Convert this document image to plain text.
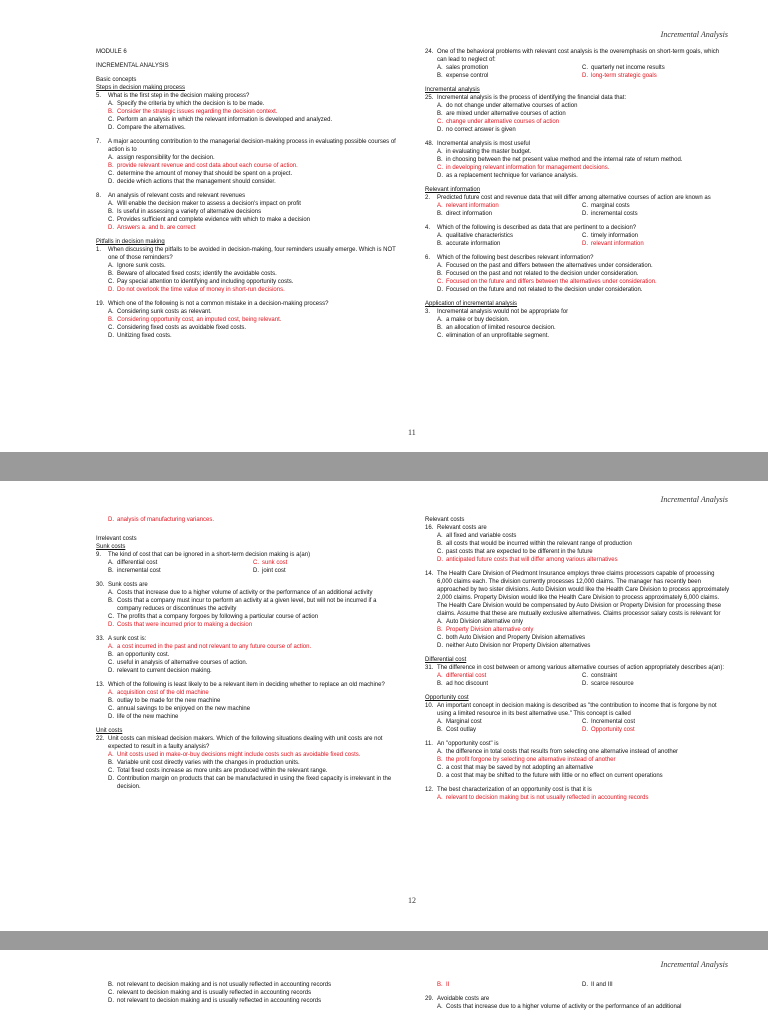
Incremental Analysis
MODULE 6
INCREMENTAL ANALYSIS
Basic concepts
Steps in decision making process
5.	What is the first step in the decision making process?
A. Specify the criteria by which the decision is to be made.
B. Consider the strategic issues regarding the decision context.
C. Perform an analysis in which the relevant information is developed and analyzed.
D. Compare the alternatives.
7.	A major accounting contribution to the managerial decision-making process in evaluating possible courses of action is to
A. assign responsibility for the decision.
B. provide relevant revenue and cost data about each course of action.
C. determine the amount of money that should be spent on a project.
D. decide which actions that the management should consider.
8.	An analysis of relevant costs and relevant revenues
A. Will enable the decision maker to assess a decision's impact on profit
B. Is useful in assessing a variety of alternative decisions
C. Provides sufficient and complete evidence with which to make a decision
D. Answers a. and b. are correct
Pitfalls in decision making
1.	When discussing the pitfalls to be avoided in decision-making, four reminders usually emerge. Which is NOT one of those reminders?
A. Ignore sunk costs.
B. Beware of allocated fixed costs; identify the avoidable costs.
C. Pay special attention to identifying and including opportunity costs.
D. Do not overlook the time value of money in short-run decisions.
19. Which one of the following is not a common mistake in a decision-making process?
A. Considering sunk costs as relevant.
B. Considering opportunity cost, an imputed cost, being relevant.
C. Considering fixed costs as avoidable fixed costs.
D. Unitizing fixed costs.
24. One of the behavioral problems with relevant cost analysis is the overemphasis on short-term goals, which can lead to neglect of:
A. sales promotion	C. quarterly net income results
B. expense control	D. long-term strategic goals
Incremental analysis
25. Incremental analysis is the process of identifying the financial data that:
A. do not change under alternative courses of action
B. are mixed under alternative courses of action
C. change under alternative courses of action
D. no correct answer is given
48. Incremental analysis is most useful
A. in evaluating the master budget.
B. in choosing between the net present value method and the internal rate of return method.
C. in developing relevant information for management decisions.
D. as a replacement technique for variance analysis.
Relevant information
2.	Predicted future cost and revenue data that will differ among alternative courses of action are known as
A. relevant information	C. marginal costs
B. direct information	D. incremental costs
4.	Which of the following is described as data that are pertinent to a decision?
A. qualitative characteristics	C. timely information
B. accurate information	D. relevant information
6.	Which of the following best describes relevant information?
A. Focused on the past and differs between the alternatives under consideration.
B. Focused on the past and not related to the decision under consideration.
C. Focused on the future and differs between the alternatives under consideration.
D. Focused on the future and not related to the decision under consideration.
Application of incremental analysis
3.	Incremental analysis would not be appropriate for
A. a make or buy decision.
B. an allocation of limited resource decision.
C. elimination of an unprofitable segment.
11
Incremental Analysis
D. analysis of manufacturing variances.
Irrelevant costs
Sunk costs
9.	The kind of cost that can be ignored in a short-term decision making is a(an)
A. differential cost	C. sunk cost
B. incremental cost	D. joint cost
30. Sunk costs are
A. Costs that increase due to a higher volume of activity or the performance of an additional activity
B. Costs that a company must incur to perform an activity at a given level, but will not be incurred if a company reduces or discontinues the activity
C. The profits that a company forgoes by following a particular course of action
D. Costs that were incurred prior to making a decision
33. A sunk cost is:
A. a cost incurred in the past and not relevant to any future course of action.
B. an opportunity cost.
C. useful in analysis of alternative courses of action.
D. relevant to current decision making.
13. Which of the following is least likely to be a relevant item in deciding whether to replace an old machine?
A. acquisition cost of the old machine
B. outlay to be made for the new machine
C. annual savings to be enjoyed on the new machine
D. life of the new machine
Unit costs
22. Unit costs can mislead decision makers. Which of the following situations dealing with unit costs are not expected to result in a faulty analysis?
A. Unit costs used in make-or-buy decisions might include costs such as avoidable fixed costs.
B. Variable unit cost directly varies with the changes in production units.
C. Total fixed costs increase as more units are produced within the relevant range.
D. Contribution margin on products that can be manufactured in using the fixed capacity is irrelevant in the decision.
Relevant costs
16. Relevant costs are
A. all fixed and variable costs
B. all costs that would be incurred within the relevant range of production
C. past costs that are expected to be different in the future
D. anticipated future costs that will differ among various alternatives
14. The Health Care Division of Piedmont Insurance employs three claims processors capable of processing 6,000 claims each. The division currently processes 12,000 claims. The manager has recently been approached by two sister divisions. Auto Division would like the Health Care Division to process approximately 2,000 claims. Property Division would like the Health Care Division to process approximately 6,000 claims. The Health Care Division would be compensated by Auto Division or Property Division for processing these claims. Assume that these are mutually exclusive alternatives. Claims processor salary costs is relevant for
A. Auto Division alternative only
B. Property Division alternative only
C. both Auto Division and Property Division alternatives
D. neither Auto Division nor Property Division alternatives
Differential cost
31. The difference in cost between or among various alternative courses of action appropriately describes a(an):
A. differential cost	C. constraint
B. ad hoc discount	D. scarce resource
Opportunity cost
10. An important concept in decision making is described as "the contribution to income that is forgone by not using a limited resource in its best alternative use." This concept is called
A. Marginal cost	C. Incremental cost
B. Cost outlay	D. Opportunity cost
11. An "opportunity cost" is
A. the difference in total costs that results from selecting one alternative instead of another
B. the profit forgone by selecting one alternative instead of another
C. a cost that may be saved by not adopting an alternative
D. a cost that may be shifted to the future with little or no effect on current operations
12. The best characterization of an opportunity cost is that it is
A. relevant to decision making but is not usually reflected in accounting records
12
Incremental Analysis
B. not relevant to decision making and is not usually reflected in accounting records
C. relevant to decision making and is usually reflected in accounting records
D. not relevant to decision making and is usually reflected in accounting records
B. II	D. II and III
29. Avoidable costs are
A. Costs that increase due to a higher volume of activity or the performance of an additional
